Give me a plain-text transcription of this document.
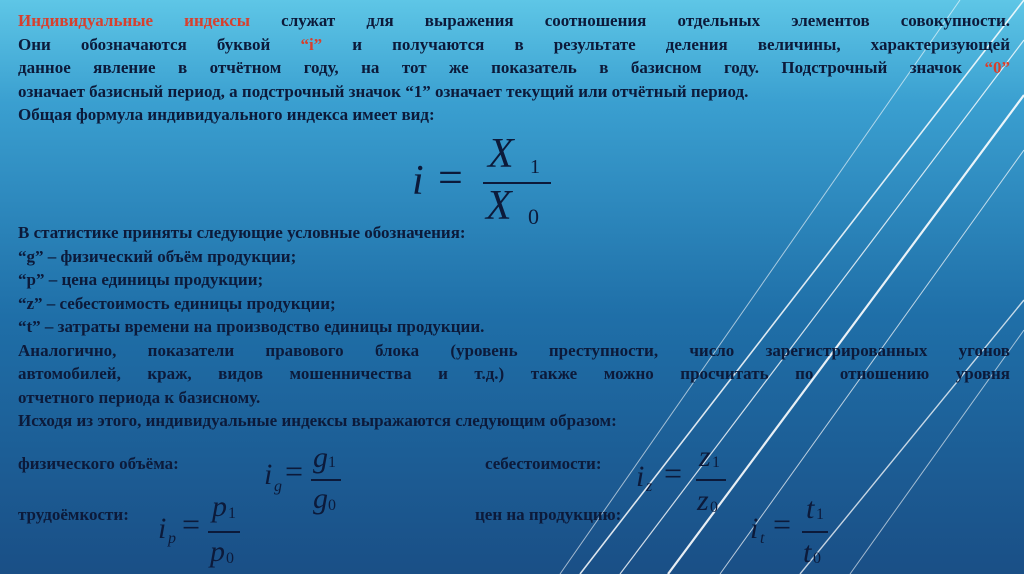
Индивидуальные индексы служат для выражения соотношения отдельных элементов совокупности.
Они обозначаются буквой “i” и получаются в результате деления величины, характеризующей
данное явление в отчётном году, на тот же показатель в базисном году. Подстрочный значок “0”
означает базисный период, а подстрочный значок “1” означает текущий или отчётный период.
Общая формула индивидуального индекса имеет вид:
i = X 1
X 0
В статистике приняты следующие условные обозначения:
“g” – физический объём продукции;
“p” – цена единицы продукции;
“z” – себестоимость единицы продукции;
“t” – затраты времени на производство единицы продукции.
Аналогично, показатели правового блока (уровень преступности, число зарегистрированных угонов
автомобилей, краж, видов мошенничества и т.д.) также можно просчитать по отношению уровня
отчетного периода к базисному.
Исходя из этого, индивидуальные индексы выражаются следующим образом:
физического объёма:	себестоимости:
трудоёмкости:	цен на продукцию:
i g = g 1
g 0
i z = z 1
z 0
i p = p 1
p 0
i t = t 1
t 0
